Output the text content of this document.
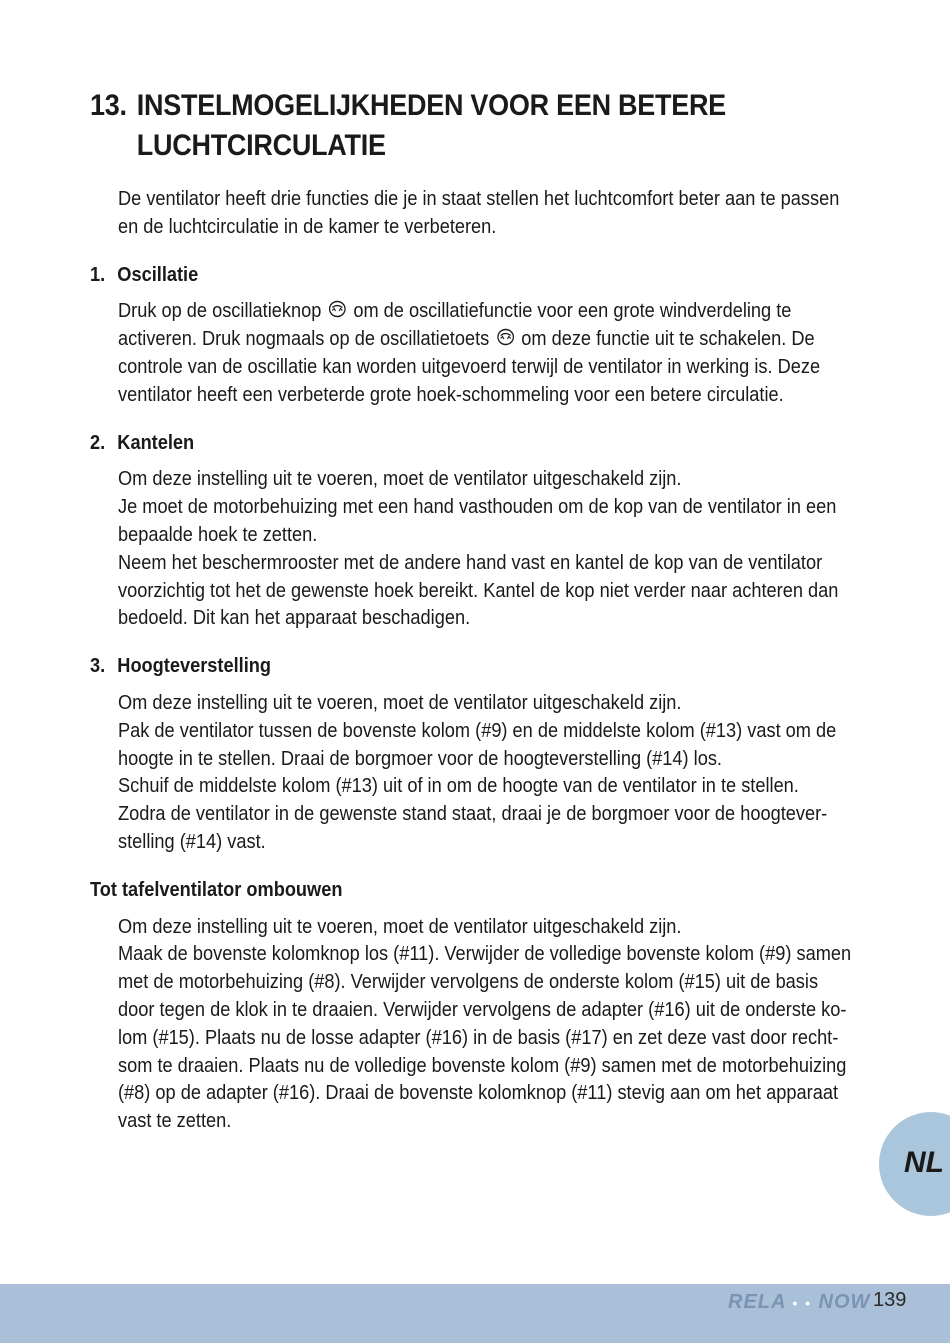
13. INSTELMOGELIJKHEDEN VOOR EEN BETERE
LUCHTCIRCULATIE

De ventilator heeft drie functies die je in staat stellen het luchtcomfort beter aan te passen

en de luchtcirculatie in de kamer te verbeteren.

1. Oscillatie

Druk op de oscillatieknop om de oscillatiefunctie voor een grote windverdeling te

activeren. Druk nogmaals op de oscillatietoets om deze functie uit te schakelen. De

controle van de oscillatie kan worden uitgevoerd terwijl de ventilator in werking is. Deze

ventilator heeft een verbeterde grote hoek-schommeling voor een betere circulatie.

2. Kantelen

Om deze instelling uit te voeren, moet de ventilator uitgeschakeld zijn.

Je moet de motorbehuizing met een hand vasthouden om de kop van de ventilator in een

bepaalde hoek te zetten.

Neem het beschermrooster met de andere hand vast en kantel de kop van de ventilator

voorzichtig tot het de gewenste hoek bereikt. Kantel de kop niet verder naar achteren dan

bedoeld. Dit kan het apparaat beschadigen.

3. Hoogteverstelling

Om deze instelling uit te voeren, moet de ventilator uitgeschakeld zijn.

Pak de ventilator tussen de bovenste kolom (#9) en de middelste kolom (#13) vast om de

hoogte in te stellen. Draai de borgmoer voor de hoogteverstelling (#14) los.

Schuif de middelste kolom (#13) uit of in om de hoogte van de ventilator in te stellen.

Zodra de ventilator in de gewenste stand staat, draai je de borgmoer voor de hoogtever-

stelling (#14) vast.

Tot tafelventilator ombouwen

Om deze instelling uit te voeren, moet de ventilator uitgeschakeld zijn.

Maak de bovenste kolomknop los (#11). Verwijder de volledige bovenste kolom (#9) samen

met de motorbehuizing (#8). Verwijder vervolgens de onderste kolom (#15) uit de basis

door tegen de klok in te draaien. Verwijder vervolgens de adapter (#16) uit de onderste ko-

lom (#15). Plaats nu de losse adapter (#16) in de basis (#17) en zet deze vast door recht-

som te draaien. Plaats nu de volledige bovenste kolom (#9) samen met de motorbehuizing

(#8) op de adapter (#16). Draai de bovenste kolomknop (#11) stevig aan om het apparaat

vast te zetten.

NL
RELA • • NOW 139
